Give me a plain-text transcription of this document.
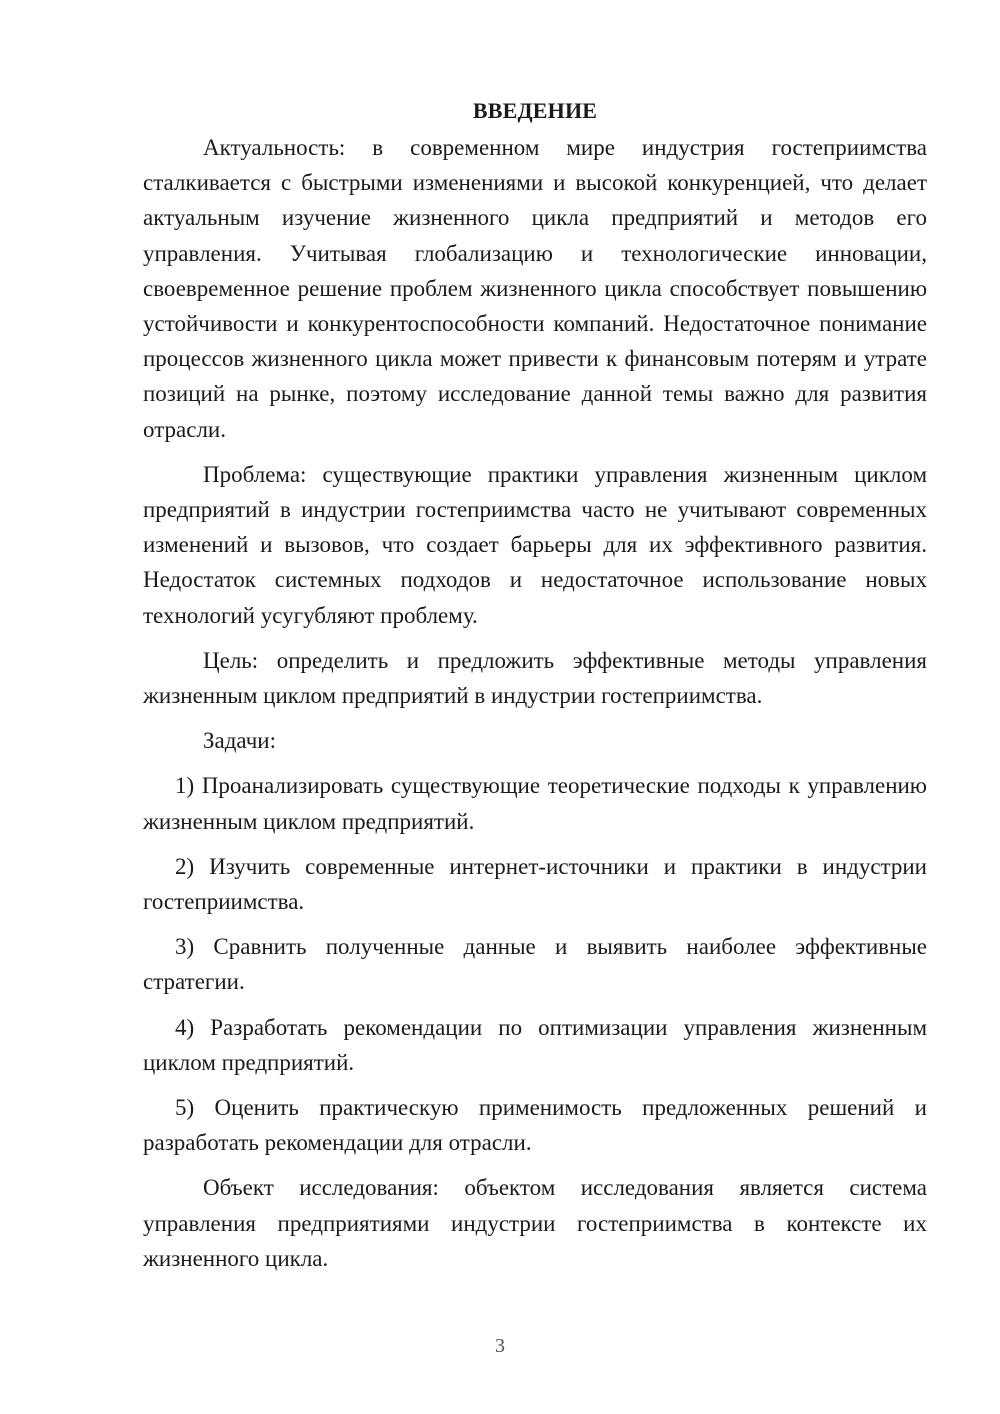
ВВЕДЕНИЕ

Актуальность: в современном мире индустрия гостеприимства сталкивается с быстрыми изменениями и высокой конкуренцией, что делает актуальным изучение жизненного цикла предприятий и методов его управления. Учитывая глобализацию и технологические инновации, своевременное решение проблем жизненного цикла способствует повышению устойчивости и конкурентоспособности компаний. Недостаточное понимание процессов жизненного цикла может привести к финансовым потерям и утрате позиций на рынке, поэтому исследование данной темы важно для развития отрасли.

Проблема: существующие практики управления жизненным циклом предприятий в индустрии гостеприимства часто не учитывают современных изменений и вызовов, что создает барьеры для их эффективного развития. Недостаток системных подходов и недостаточное использование новых технологий усугубляют проблему.

Цель: определить и предложить эффективные методы управления жизненным циклом предприятий в индустрии гостеприимства.

Задачи:

1) Проанализировать существующие теоретические подходы к управлению жизненным циклом предприятий.

2) Изучить современные интернет-источники и практики в индустрии гостеприимства.

3) Сравнить полученные данные и выявить наиболее эффективные стратегии.

4) Разработать рекомендации по оптимизации управления жизненным циклом предприятий.

5) Оценить практическую применимость предложенных решений и разработать рекомендации для отрасли.

Объект исследования: объектом исследования является система управления предприятиями индустрии гостеприимства в контексте их жизненного цикла.

3
